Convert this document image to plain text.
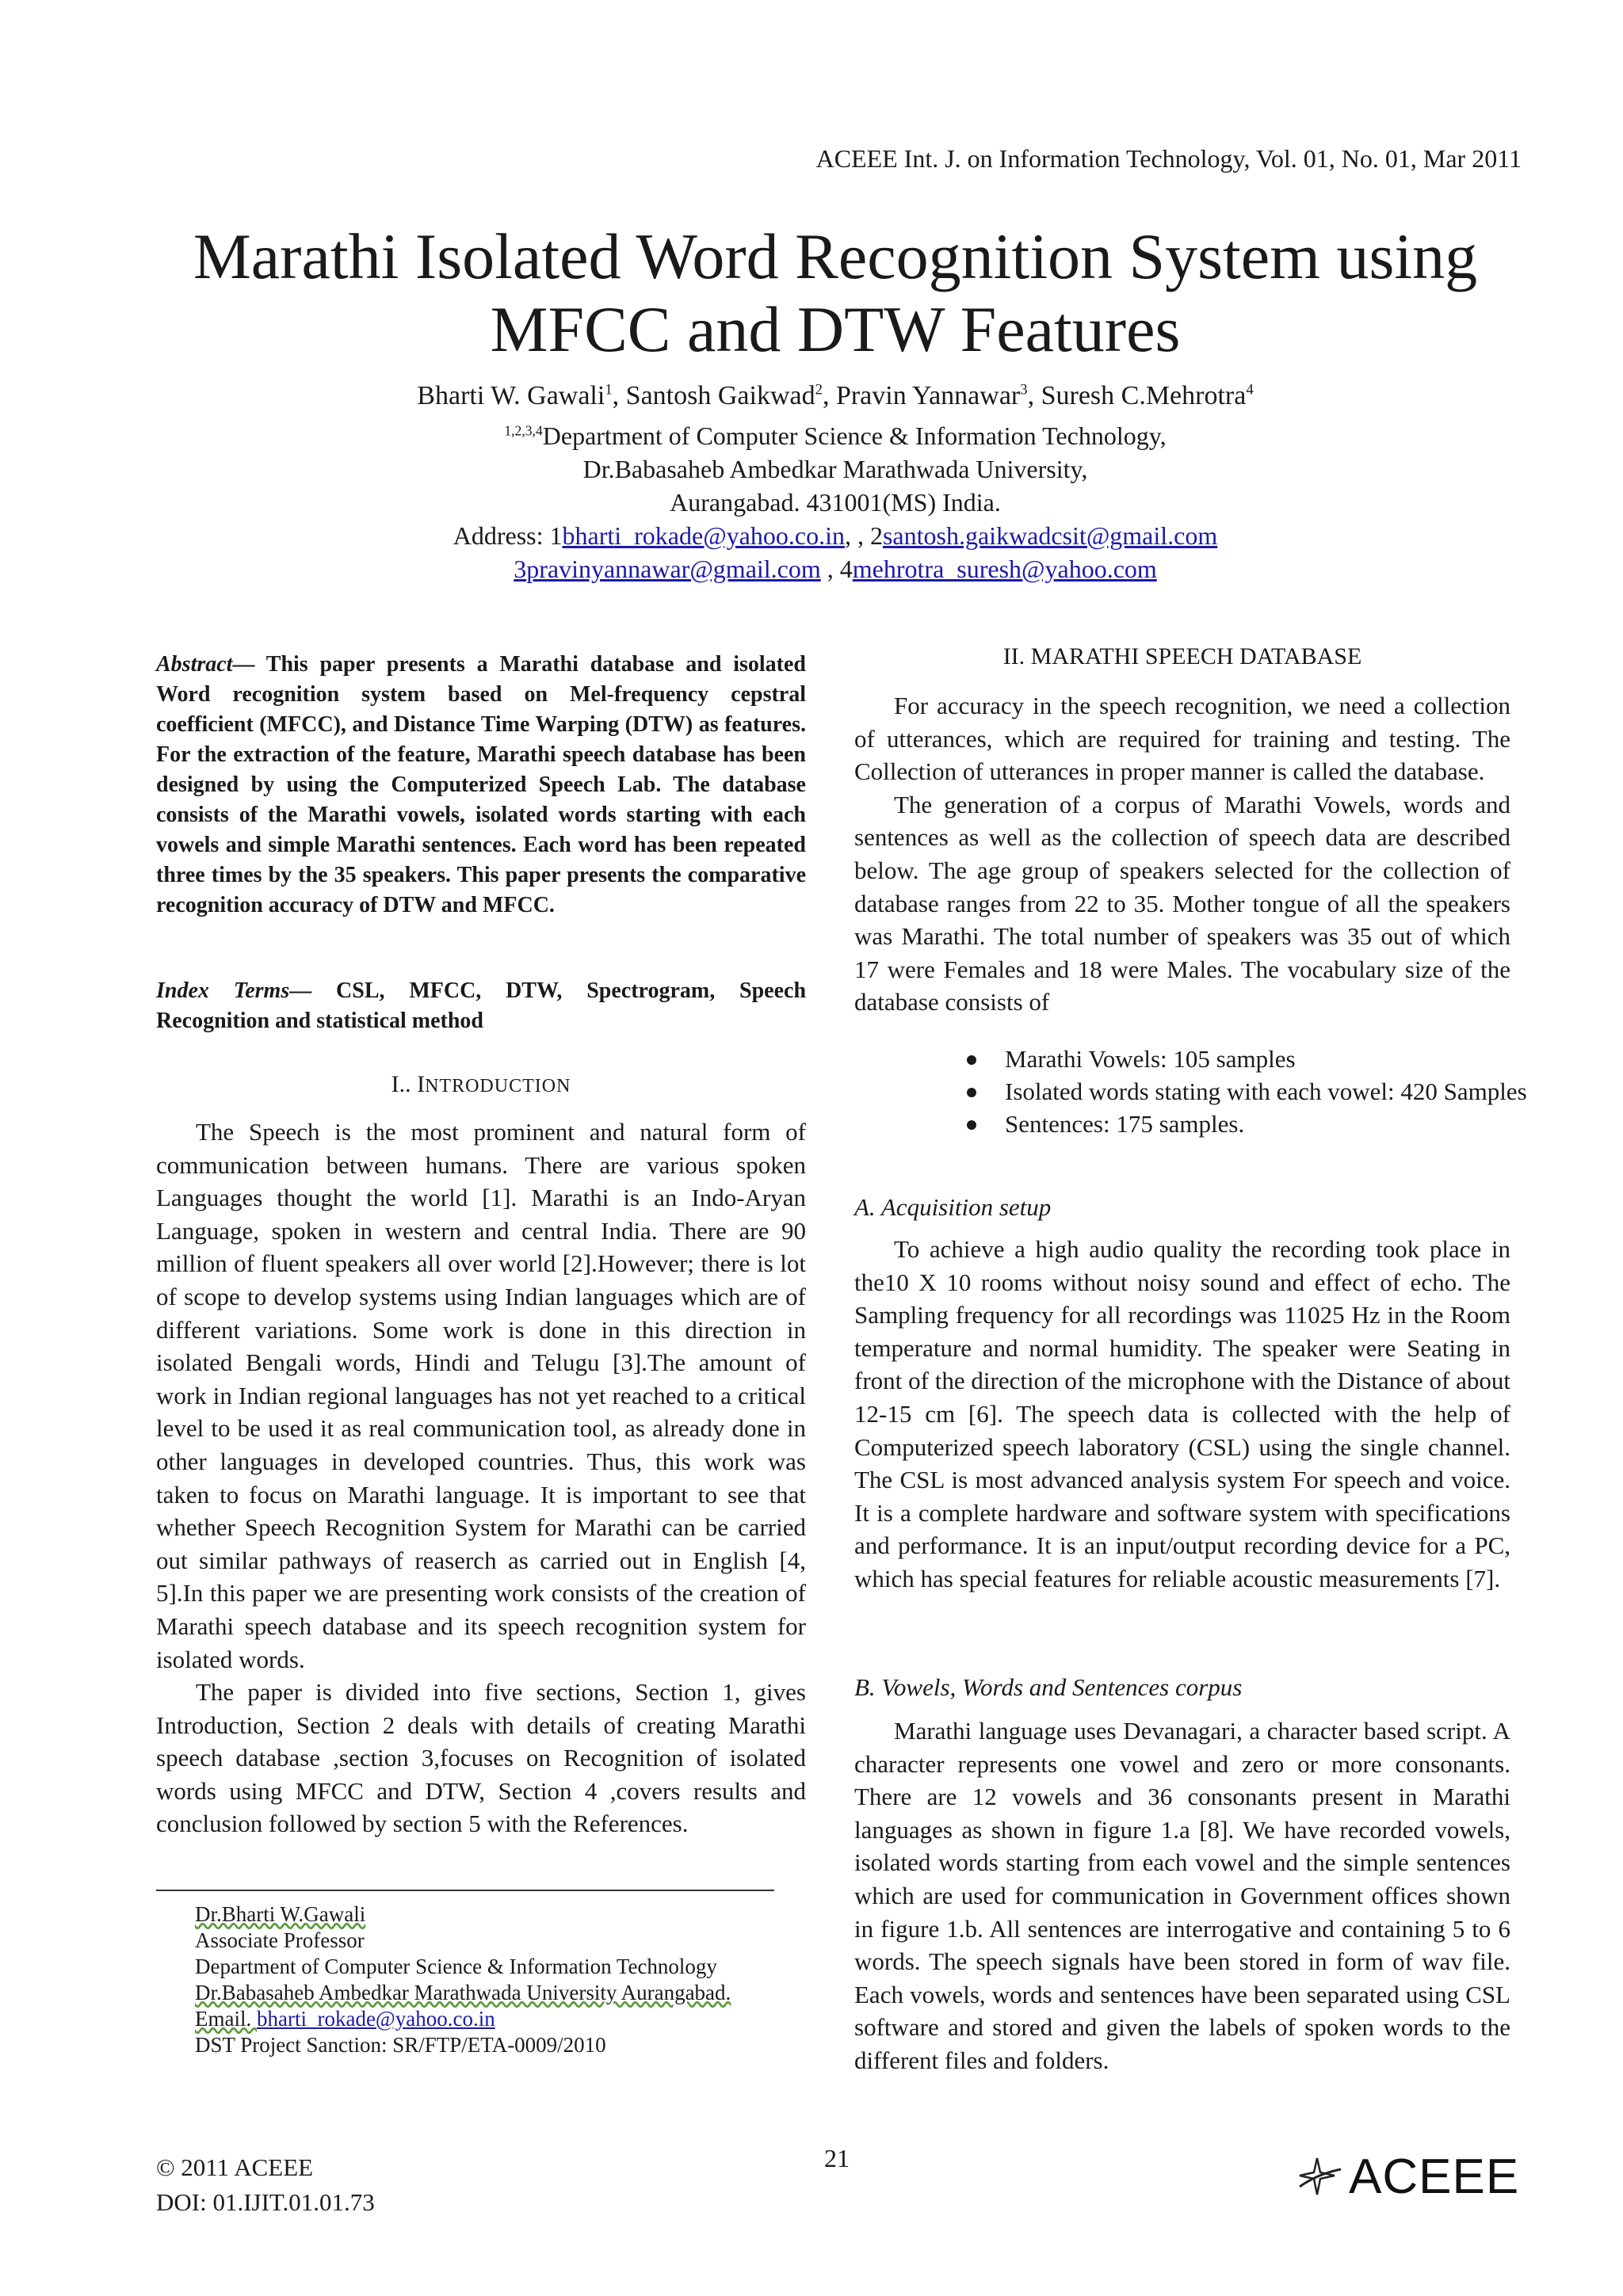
ACEEE Int. J. on Information Technology, Vol. 01, No. 01, Mar 2011
Marathi Isolated Word Recognition System using
MFCC and DTW Features
Bharti W. Gawali$^1$, Santosh Gaikwad$^2$, Pravin Yannawar$^3$, Suresh C.Mehrotra$^4$
$^{1,2,3,4}$Department of Computer Science & Information Technology,
Dr.Babasaheb Ambedkar Marathwada University,
Aurangabad. 431001(MS) India.
Address: 1bharti_rokade@yahoo.co.in, , 2santosh.gaikwadcsit@gmail.com
3pravinyannawar@gmail.com , 4mehrotra_suresh@yahoo.com
Abstract— This paper presents a Marathi database and isolated Word recognition system based on Mel-frequency cepstral coefficient (MFCC), and Distance Time Warping (DTW) as features. For the extraction of the feature, Marathi speech database has been designed by using the Computerized Speech Lab. The database consists of the Marathi vowels, isolated words starting with each vowels and simple Marathi sentences. Each word has been repeated three times by the 35 speakers. This paper presents the comparative recognition accuracy of DTW and MFCC.
Index Terms— CSL, MFCC, DTW, Spectrogram, Speech Recognition and statistical method
I.. INTRODUCTION

The Speech is the most prominent and natural form of communication between humans. There are various spoken Languages thought the world [1]. Marathi is an Indo-Aryan Language, spoken in western and central India. There are 90 million of fluent speakers all over world [2].However; there is lot of scope to develop systems using Indian languages which are of different variations. Some work is done in this direction in isolated Bengali words, Hindi and Telugu [3].The amount of work in Indian regional languages has not yet reached to a critical level to be used it as real communication tool, as already done in other languages in developed countries. Thus, this work was taken to focus on Marathi language. It is important to see that whether Speech Recognition System for Marathi can be carried out similar pathways of reaserch as carried out in English [4, 5].In this paper we are presenting work consists of the creation of Marathi speech database and its speech recognition system for isolated words.

The paper is divided into five sections, Section 1, gives Introduction, Section 2 deals with details of creating Marathi speech database ,section 3,focuses on Recognition of isolated words using MFCC and DTW, Section 4 ,covers results and conclusion followed by section 5 with the References.

Dr.Bharti W.Gawali
Associate Professor
Department of Computer Science & Information Technology
Dr.Babasaheb Ambedkar Marathwada University Aurangabad.
Email. bharti_rokade@yahoo.co.in
DST Project Sanction: SR/FTP/ETA-0009/2010
II. MARATHI SPEECH DATABASE

For accuracy in the speech recognition, we need a collection of utterances, which are required for training and testing. The Collection of utterances in proper manner is called the database.

The generation of a corpus of Marathi Vowels, words and sentences as well as the collection of speech data are described below. The age group of speakers selected for the collection of database ranges from 22 to 35. Mother tongue of all the speakers was Marathi. The total number of speakers was 35 out of which 17 were Females and 18 were Males. The vocabulary size of the database consists of

Marathi Vowels: 105 samples
Isolated words stating with each vowel: 420 Samples
Sentences: 175 samples.
A. Acquisition setup

To achieve a high audio quality the recording took place in the10 X 10 rooms without noisy sound and effect of echo. The Sampling frequency for all recordings was 11025 Hz in the Room temperature and normal humidity. The speaker were Seating in front of the direction of the microphone with the Distance of about 12-15 cm [6]. The speech data is collected with the help of Computerized speech laboratory (CSL) using the single channel. The CSL is most advanced analysis system For speech and voice. It is a complete hardware and software system with specifications and performance. It is an input/output recording device for a PC, which has special features for reliable acoustic measurements [7].

B. Vowels, Words and Sentences corpus

Marathi language uses Devanagari, a character based script. A character represents one vowel and zero or more consonants. There are 12 vowels and 36 consonants present in Marathi languages as shown in figure 1.a [8]. We have recorded vowels, isolated words starting from each vowel and the simple sentences which are used for communication in Government offices shown in figure 1.b. All sentences are interrogative and containing 5 to 6 words. The speech signals have been stored in form of wav file. Each vowels, words and sentences have been separated using CSL software and stored and given the labels of spoken words to the different files and folders.

21
© 2011 ACEEE
DOI: 01.IJIT.01.01.73	ACEEE
